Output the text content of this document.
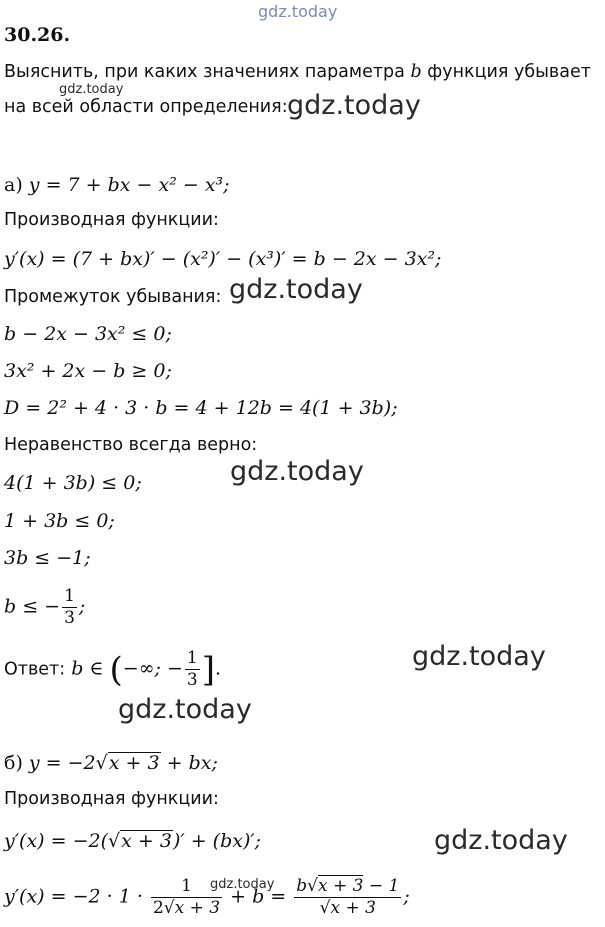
gdz.today
gdz.today
gdz.today
gdz.today
gdz.today
gdz.today
gdz.today
gdz.today
gdz.today
30.26.
Выяснить, при каких значениях параметра b функция убывает
на всей области определения:
а) y = 7 + bx − x² − x³;
Производная функции:
y′(x) = (7 + bx)′ − (x²)′ − (x³)′ = b − 2x − 3x²;
Промежуток убывания:
b − 2x − 3x² ≤ 0;
3x² + 2x − b ≥ 0;
D = 2² + 4 · 3 · b = 4 + 12b = 4(1 + 3b);
Неравенство всегда верно:
4(1 + 3b) ≤ 0;
1 + 3b ≤ 0;
3b ≤ −1;
b ≤ − $\frac{1}{3}$ ;
Ответ: b ∈ (−∞; − $\frac{1}{3}$ ].
б) y = −2√x + 3 + bx;
Производная функции:
y′(x) = −2(√x + 3)′ + (bx)′;
$y'(x) = -2 \cdot 1 \cdot \frac{1}{2√x + 3} + b = \frac{b√x + 3 - 1}{√x + 3}$ ;
